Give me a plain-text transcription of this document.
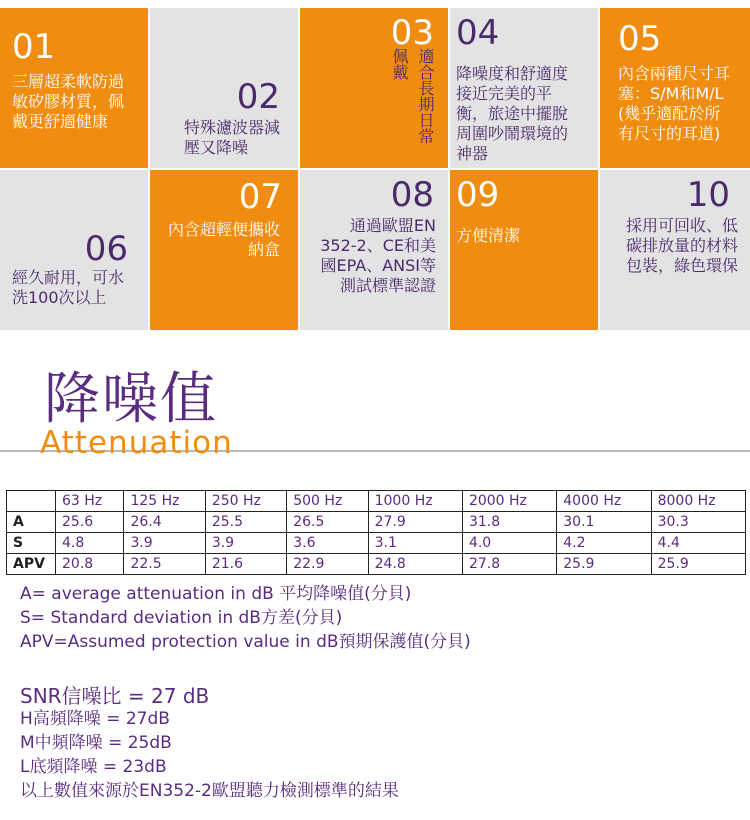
01
三層超柔軟防過敏矽膠材質，佩戴更舒適健康
02
特殊濾波器減壓又降噪
03
佩戴 適合長期日常
04
降噪度和舒適度接近完美的平衡，旅途中擺脫周圍吵鬧環境的神器
05
內含兩種尺寸耳塞：S/M和M/L (幾乎適配於所有尺寸的耳道)
06
經久耐用，可水洗100次以上
07
內含超輕便攜收納盒
08
通過歐盟EN 352-2、CE和美國EPA、ANSI等測試標準認證
09
方便清潔
10
採用可回收、低碳排放量的材料包裝，綠色環保
降噪值
Attenuation
	63 Hz	125 Hz	250 Hz	500 Hz	1000 Hz	2000 Hz	4000 Hz	8000 Hz
A	25.6	26.4	25.5	26.5	27.9	31.8	30.1	30.3
S	4.8	3.9	3.9	3.6	3.1	4.0	4.2	4.4
APV	20.8	22.5	21.6	22.9	24.8	27.8	25.9	25.9
A= average attenuation in dB 平均降噪值(分貝)
S= Standard deviation in dB方差(分貝)
APV=Assumed protection value in dB預期保護值(分貝)
SNR信噪比 = 27 dB
H高頻降噪 = 27dB
M中頻降噪 = 25dB
L底頻降噪 = 23dB
以上數值來源於EN352-2歐盟聽力檢測標準的結果
